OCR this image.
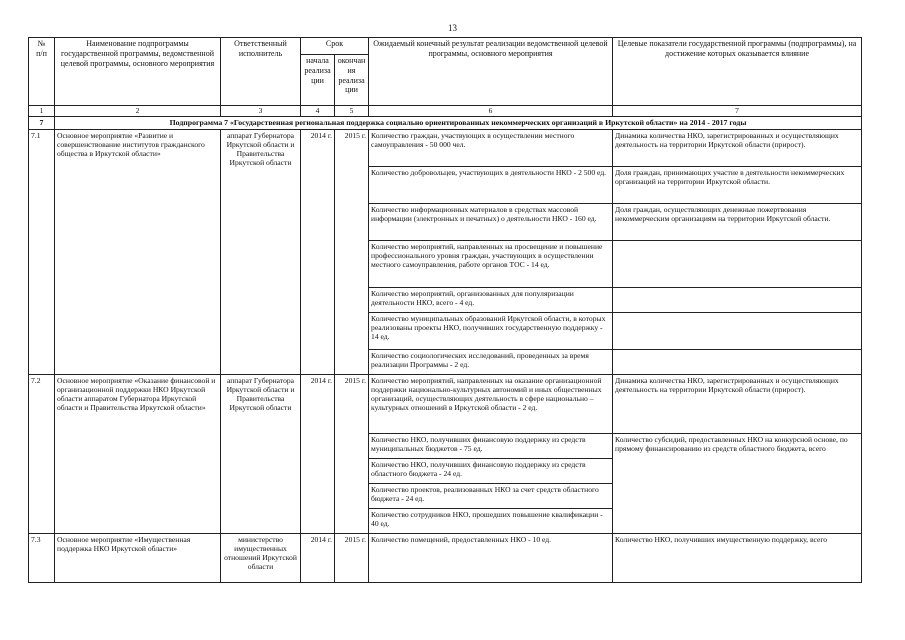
13
№
п/п	Наименование подпрограммы государственной программы, ведомственной целевой программы, основного мероприятия	Ответственный исполнитель	Срок		Ожидаемый конечный результат реализации ведомственной целевой программы, основного мероприятия	Целевые показатели государственной программы (подпрограммы), на достижение которых оказывается влияние
			начала реализа ции	окончан ия реализа ции		
1	2	3	4	5	6	7
7	Подпрограмма 7 «Государственная региональная поддержка социально ориентированных некоммерческих организаций в Иркутской области» на 2014 - 2017 годы					
7.1	Основное мероприятие «Развитие и совершенствование институтов гражданского общества в Иркутской области»	аппарат Губернатора Иркутской области и Правительства Иркутской области	2014 г.	2015 г.	Количество граждан, участвующих в осуществлении местного самоуправления - 50 000 чел.	Динамика количества НКО, зарегистрированных и осуществляющих деятельность на территории Иркутской области (прирост).
					Количество добровольцев, участвующих в деятельности НКО - 2 500 ед.	Доля граждан, принимающих участие в деятельности некоммерческих организаций на территории Иркутской области.
					Количество информационных материалов в средствах массовой информации (электронных и печатных) о деятельности НКО - 160 ед.	Доля граждан, осуществляющих денежные пожертвования некоммерческим организациям на территории Иркутской области.
					Количество мероприятий, направленных на просвещение и повышение профессионального уровня граждан, участвующих в осуществлении местного самоуправления, работе органов ТОС - 14 ед.	
					Количество мероприятий, организованных для популяризации деятельности НКО, всего - 4 ед.	
					Количество муниципальных образований Иркутской области, в которых реализованы проекты НКО, получивших государственную поддержку - 14 ед.	
					Количество социологических исследований, проведенных за время реализации Программы - 2 ед.	
7.2	Основное мероприятие «Оказание финансовой и организационной поддержки НКО Иркутской области аппаратом Губернатора Иркутской области и Правительства Иркутской области»	аппарат Губернатора Иркутской области и Правительства Иркутской области	2014 г.	2015 г.	Количество мероприятий, направленных на оказание организационной поддержки национально-культурных автономий и иных общественных организаций, осуществляющих деятельность в сфере национально – культурных отношений в Иркутской области - 2 ед.	Динамика количества НКО, зарегистрированных и осуществляющих деятельность на территории Иркутской области (прирост).
					Количество НКО, получивших финансовую поддержку из средств муниципальных бюджетов - 75 ед.	Количество субсидий, предоставленных НКО на конкурсной основе, по прямому финансированию из средств областного бюджета, всего
					Количество НКО, получивших финансовую поддержку из средств областного бюджета - 24 ед.	
					Количество проектов, реализованных НКО за счет средств областного бюджета - 24 ед.	
					Количество сотрудников НКО, прошедших повышение квалификации - 40 ед.	
7.3	Основное мероприятие «Имущественная поддержка НКО Иркутской области»	министерство имущественных отношений Иркутской области	2014 г.	2015 г.	Количество помещений, предоставленных НКО - 10 ед.	Количество НКО, получивших имущественную поддержку, всего
